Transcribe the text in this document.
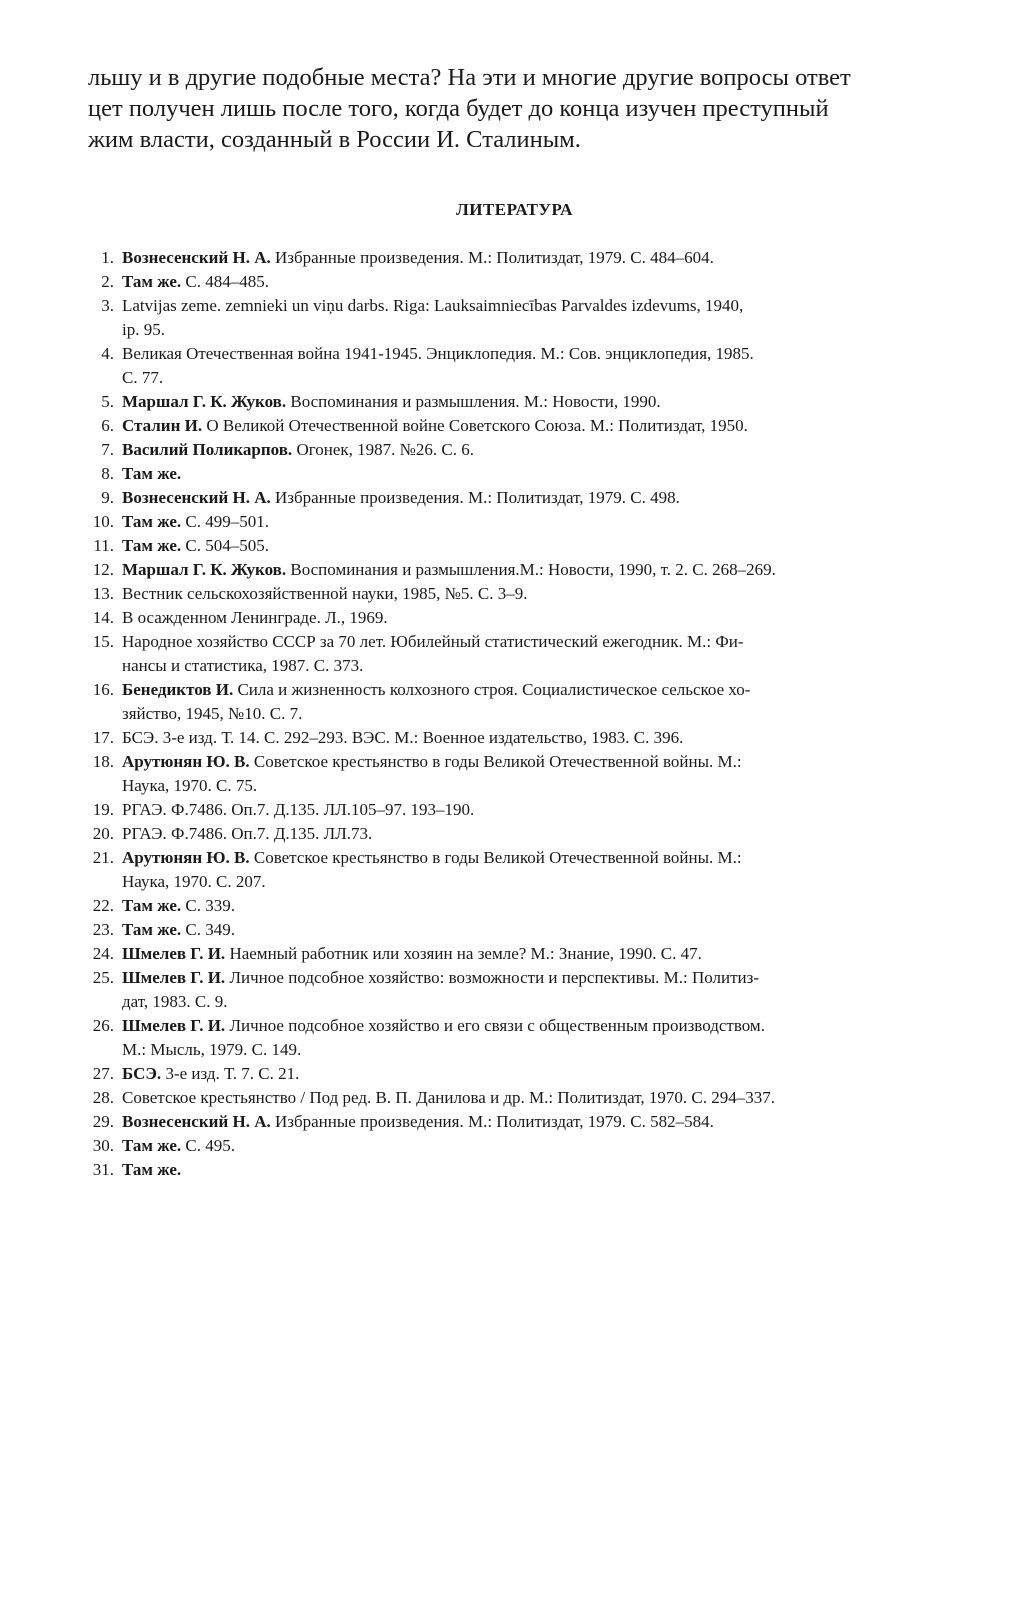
льшу и в другие подобные места? На эти и многие другие вопросы ответ
цет получен лишь после того, когда будет до конца изучен преступный
жим власти, созданный в России И. Сталиным.
ЛИТЕРАТУРА
1. Вознесенский Н. А. Избранные произведения. М.: Политиздат, 1979. С. 484–604.
2. Там же. С. 484–485.
3. Latvijas zeme. zemnieki un viņu darbs. Riga: Lauksaimniecības Parvaldes izdevums, 1940,
ip. 95.
4. Великая Отечественная война 1941-1945. Энциклопедия. М.: Сов. энциклопедия, 1985.
С. 77.
5. Маршал Г. К. Жуков. Воспоминания и размышления. М.: Новости, 1990.
6. Сталин И. О Великой Отечественной войне Советского Союза. М.: Политиздат, 1950.
7. Василий Поликарпов. Огонек, 1987. №26. С. 6.
8. Там же.
9. Вознесенский Н. А. Избранные произведения. М.: Политиздат, 1979. С. 498.
10. Там же. С. 499–501.
11. Там же. С. 504–505.
12. Маршал Г. К. Жуков. Воспоминания и размышления.М.: Новости, 1990, т. 2. С. 268–269.
13. Вестник сельскохозяйственной науки, 1985, №5. С. 3–9.
14. В осажденном Ленинграде. Л., 1969.
15. Народное хозяйство СССР за 70 лет. Юбилейный статистический ежегодник. М.: Фи-
нансы и статистика, 1987. С. 373.
16. Бенедиктов И. Сила и жизненность колхозного строя. Социалистическое сельское хо-
зяйство, 1945, №10. С. 7.
17. БСЭ. 3-е изд. Т. 14. С. 292–293. ВЭС. М.: Военное издательство, 1983. С. 396.
18. Арутюнян Ю. В. Советское крестьянство в годы Великой Отечественной войны. М.:
Наука, 1970. С. 75.
19. РГАЭ. Ф.7486. Оп.7. Д.135. ЛЛ.105–97. 193–190.
20. РГАЭ. Ф.7486. Оп.7. Д.135. ЛЛ.73.
21. Арутюнян Ю. В. Советское крестьянство в годы Великой Отечественной войны. М.:
Наука, 1970. С. 207.
22. Там же. С. 339.
23. Там же. С. 349.
24. Шмелев Г. И. Наемный работник или хозяин на земле? М.: Знание, 1990. С. 47.
25. Шмелев Г. И. Личное подсобное хозяйство: возможности и перспективы. М.: Политиз-
дат, 1983. С. 9.
26. Шмелев Г. И. Личное подсобное хозяйство и его связи с общественным производством.
М.: Мысль, 1979. С. 149.
27. БСЭ. 3-е изд. Т. 7. С. 21.
28. Советское крестьянство / Под ред. В. П. Данилова и др. М.: Политиздат, 1970. С. 294–337.
29. Вознесенский Н. А. Избранные произведения. М.: Политиздат, 1979. С. 582–584.
30. Там же. С. 495.
31. Там же.
